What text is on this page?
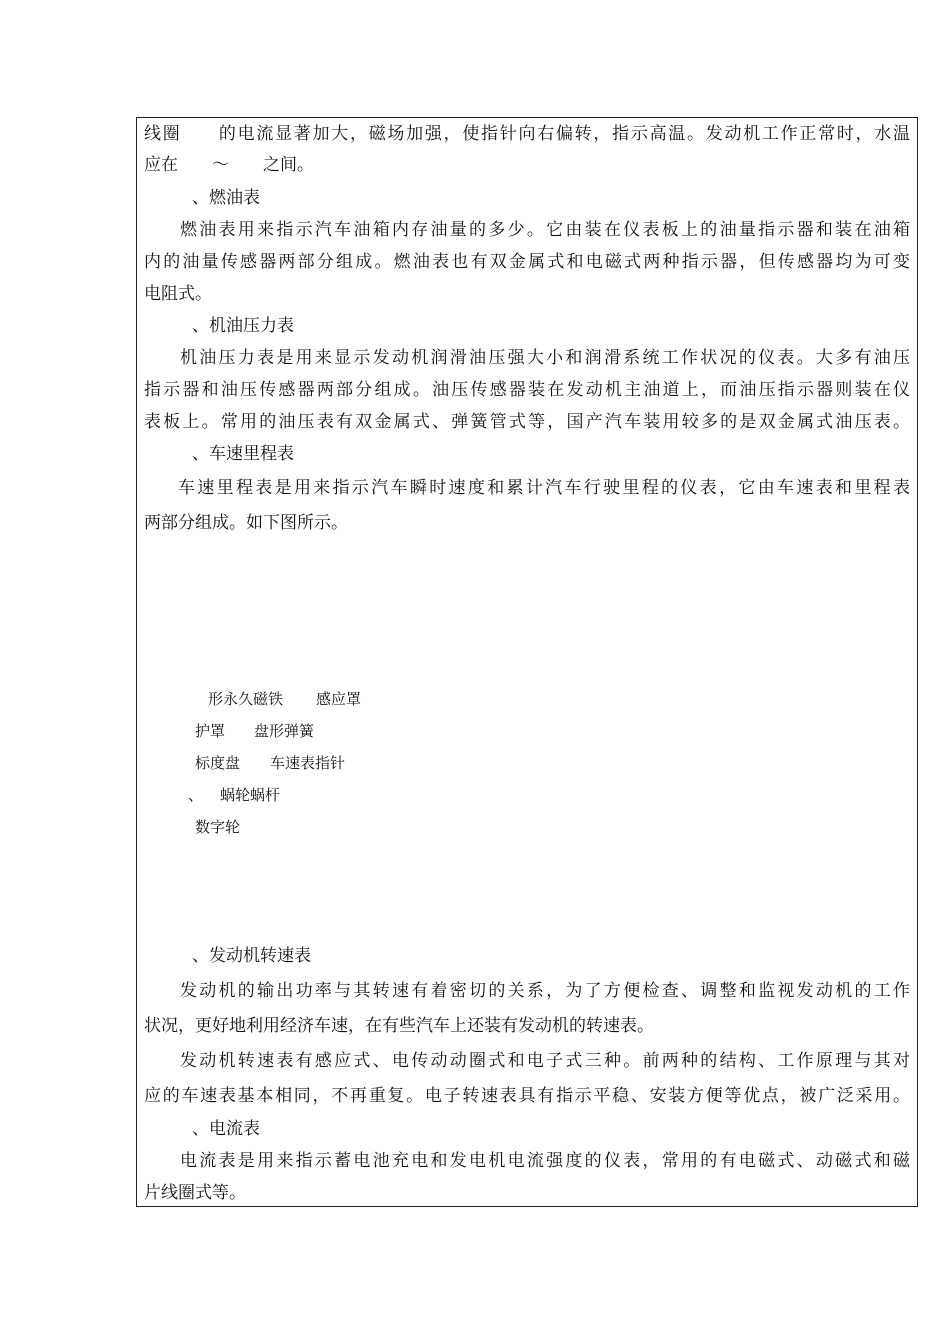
线圈　　的电流显著加大，磁场加强，使指针向右偏转，指示高温。发动机工作正常时，水温
应在　　～　　之间。
、燃油表
燃油表用来指示汽车油箱内存油量的多少。它由装在仪表板上的油量指示器和装在油箱
内的油量传感器两部分组成。燃油表也有双金属式和电磁式两种指示器，但传感器均为可变
电阻式。
、机油压力表
机油压力表是用来显示发动机润滑油压强大小和润滑系统工作状况的仪表。大多有油压
指示器和油压传感器两部分组成。油压传感器装在发动机主油道上，而油压指示器则装在仪
表板上。常用的油压表有双金属式、弹簧管式等，国产汽车装用较多的是双金属式油压表。
、车速里程表
车速里程表是用来指示汽车瞬时速度和累计汽车行驶里程的仪表，它由车速表和里程表
两部分组成。如下图所示。
形永久磁铁 感应罩
护罩 盘形弹簧
标度盘 车速表指针
、 蜗轮蜗杆
数字轮
、发动机转速表
发动机的输出功率与其转速有着密切的关系，为了方便检查、调整和监视发动机的工作
状况，更好地利用经济车速，在有些汽车上还装有发动机的转速表。
发动机转速表有感应式、电传动动圈式和电子式三种。前两种的结构、工作原理与其对
应的车速表基本相同，不再重复。电子转速表具有指示平稳、安装方便等优点，被广泛采用。
、电流表
电流表是用来指示蓄电池充电和发电机电流强度的仪表，常用的有电磁式、动磁式和磁
片线圈式等。
